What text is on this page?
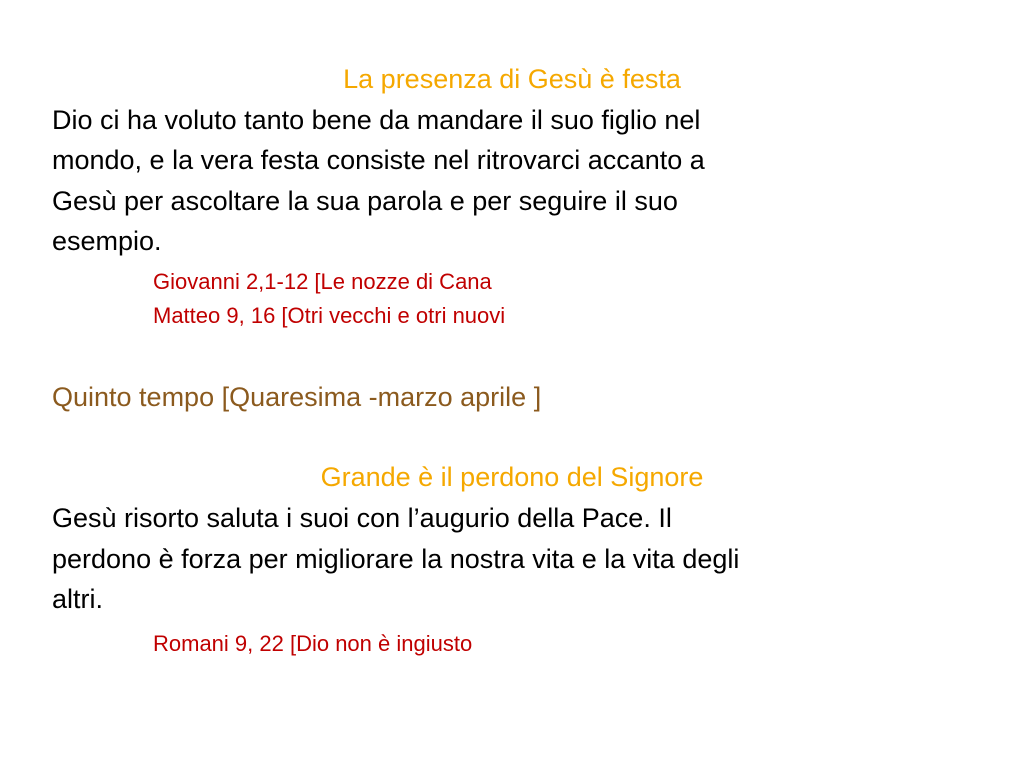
La presenza di Gesù è festa

Dio ci ha voluto tanto bene da mandare il suo figlio nel

mondo, e la vera festa consiste nel ritrovarci accanto a

Gesù per ascoltare la sua parola e per seguire il suo

esempio.

Giovanni 2,1-12 [Le nozze di Cana

Matteo 9, 16 [Otri vecchi e otri nuovi

Quinto tempo [Quaresima -marzo aprile ]

Grande è il perdono del Signore

Gesù risorto saluta i suoi con l’augurio della Pace. Il

perdono è forza per migliorare la nostra vita e la vita degli

altri.

Romani 9, 22 [Dio non è ingiusto
